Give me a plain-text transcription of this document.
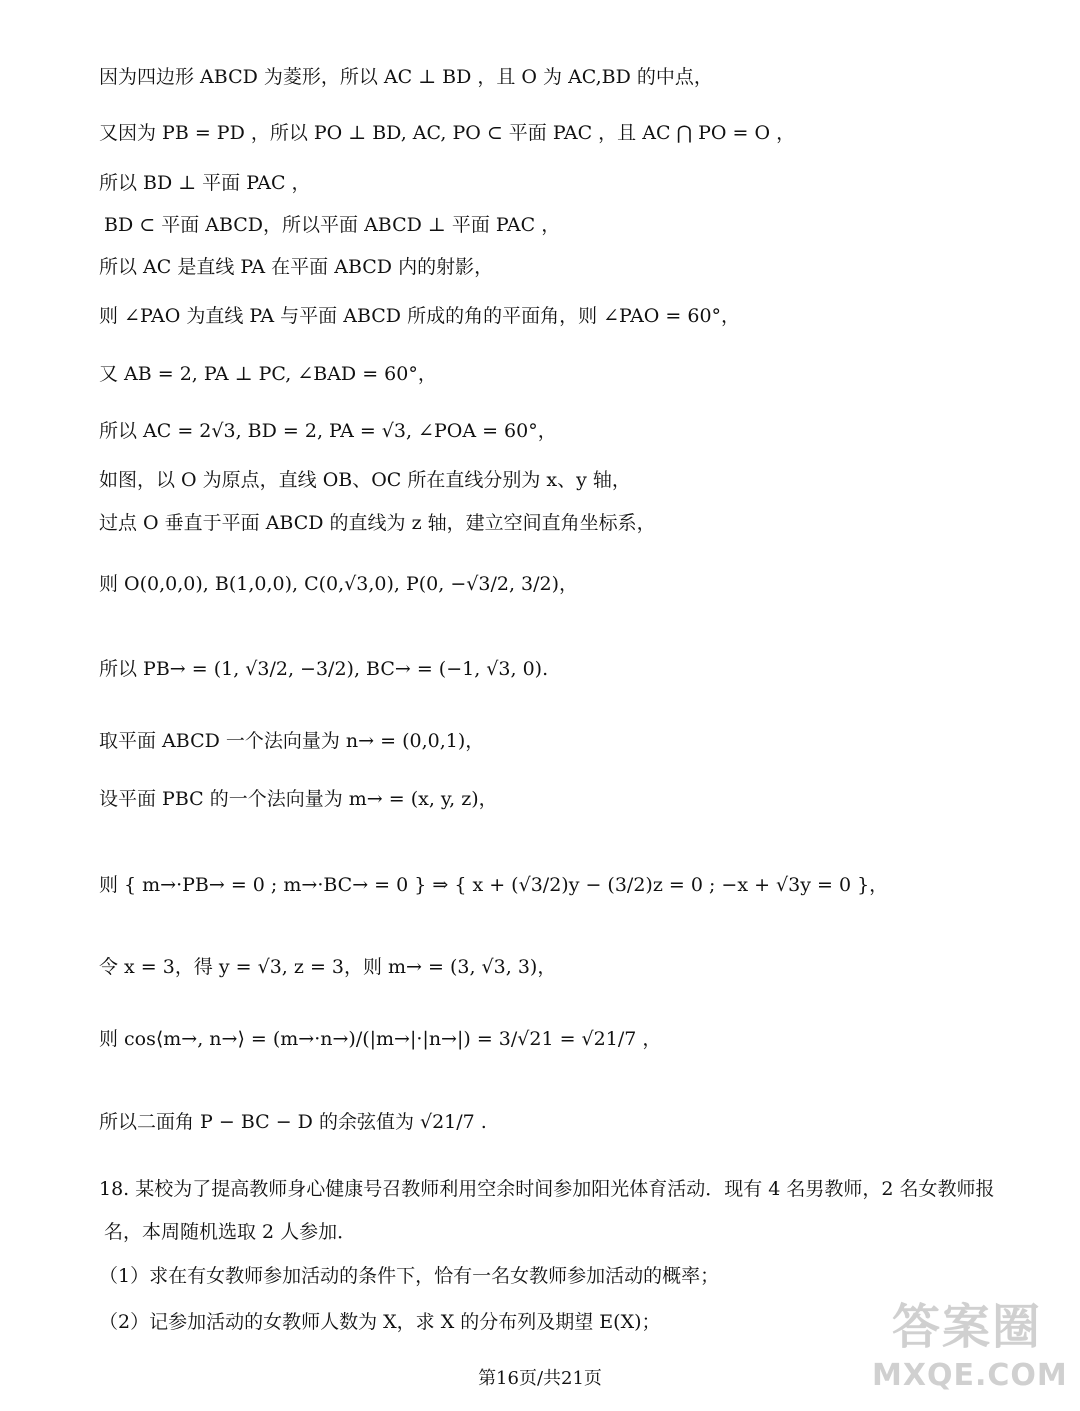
因为四边形 ABCD 为菱形，所以 AC ⊥ BD ，且 O 为 AC,BD 的中点，
又因为 PB = PD ，所以 PO ⊥ BD, AC, PO ⊂ 平面 PAC ，且 AC ⋂ PO = O ，
所以 BD ⊥ 平面 PAC ，
BD ⊂ 平面 ABCD，所以平面 ABCD ⊥ 平面 PAC ，
所以 AC 是直线 PA 在平面 ABCD 内的射影，
则 ∠PAO 为直线 PA 与平面 ABCD 所成的角的平面角，则 ∠PAO = 60°，
又 AB = 2, PA ⊥ PC, ∠BAD = 60°，
所以 AC = 2√3, BD = 2, PA = √3, ∠POA = 60°，
如图，以 O 为原点，直线 OB、OC 所在直线分别为 x、y 轴，
过点 O 垂直于平面 ABCD 的直线为 z 轴，建立空间直角坐标系，
则 O(0,0,0), B(1,0,0), C(0,√3,0), P(0, −√3/2, 3/2)，
所以 PB→ = (1, √3/2, −3/2), BC→ = (−1, √3, 0).
取平面 ABCD 一个法向量为 n→ = (0,0,1)，
设平面 PBC 的一个法向量为 m→ = (x, y, z)，
则 { m→·PB→ = 0 ; m→·BC→ = 0 } ⇒ { x + (√3/2)y − (3/2)z = 0 ; −x + √3y = 0 }，
令 x = 3，得 y = √3, z = 3，则 m→ = (3, √3, 3)，
则 cos⟨m→, n→⟩ = (m→·n→)/(|m→|·|n→|) = 3/√21 = √21/7 ，
所以二面角 P − BC − D 的余弦值为 √21/7 .
18. 某校为了提高教师身心健康号召教师利用空余时间参加阳光体育活动．现有 4 名男教师，2 名女教师报
名，本周随机选取 2 人参加．
（1）求在有女教师参加活动的条件下，恰有一名女教师参加活动的概率；
（2）记参加活动的女教师人数为 X，求 X 的分布列及期望 E(X)；
第16页/共21页
答案圈
MXQE.COM
